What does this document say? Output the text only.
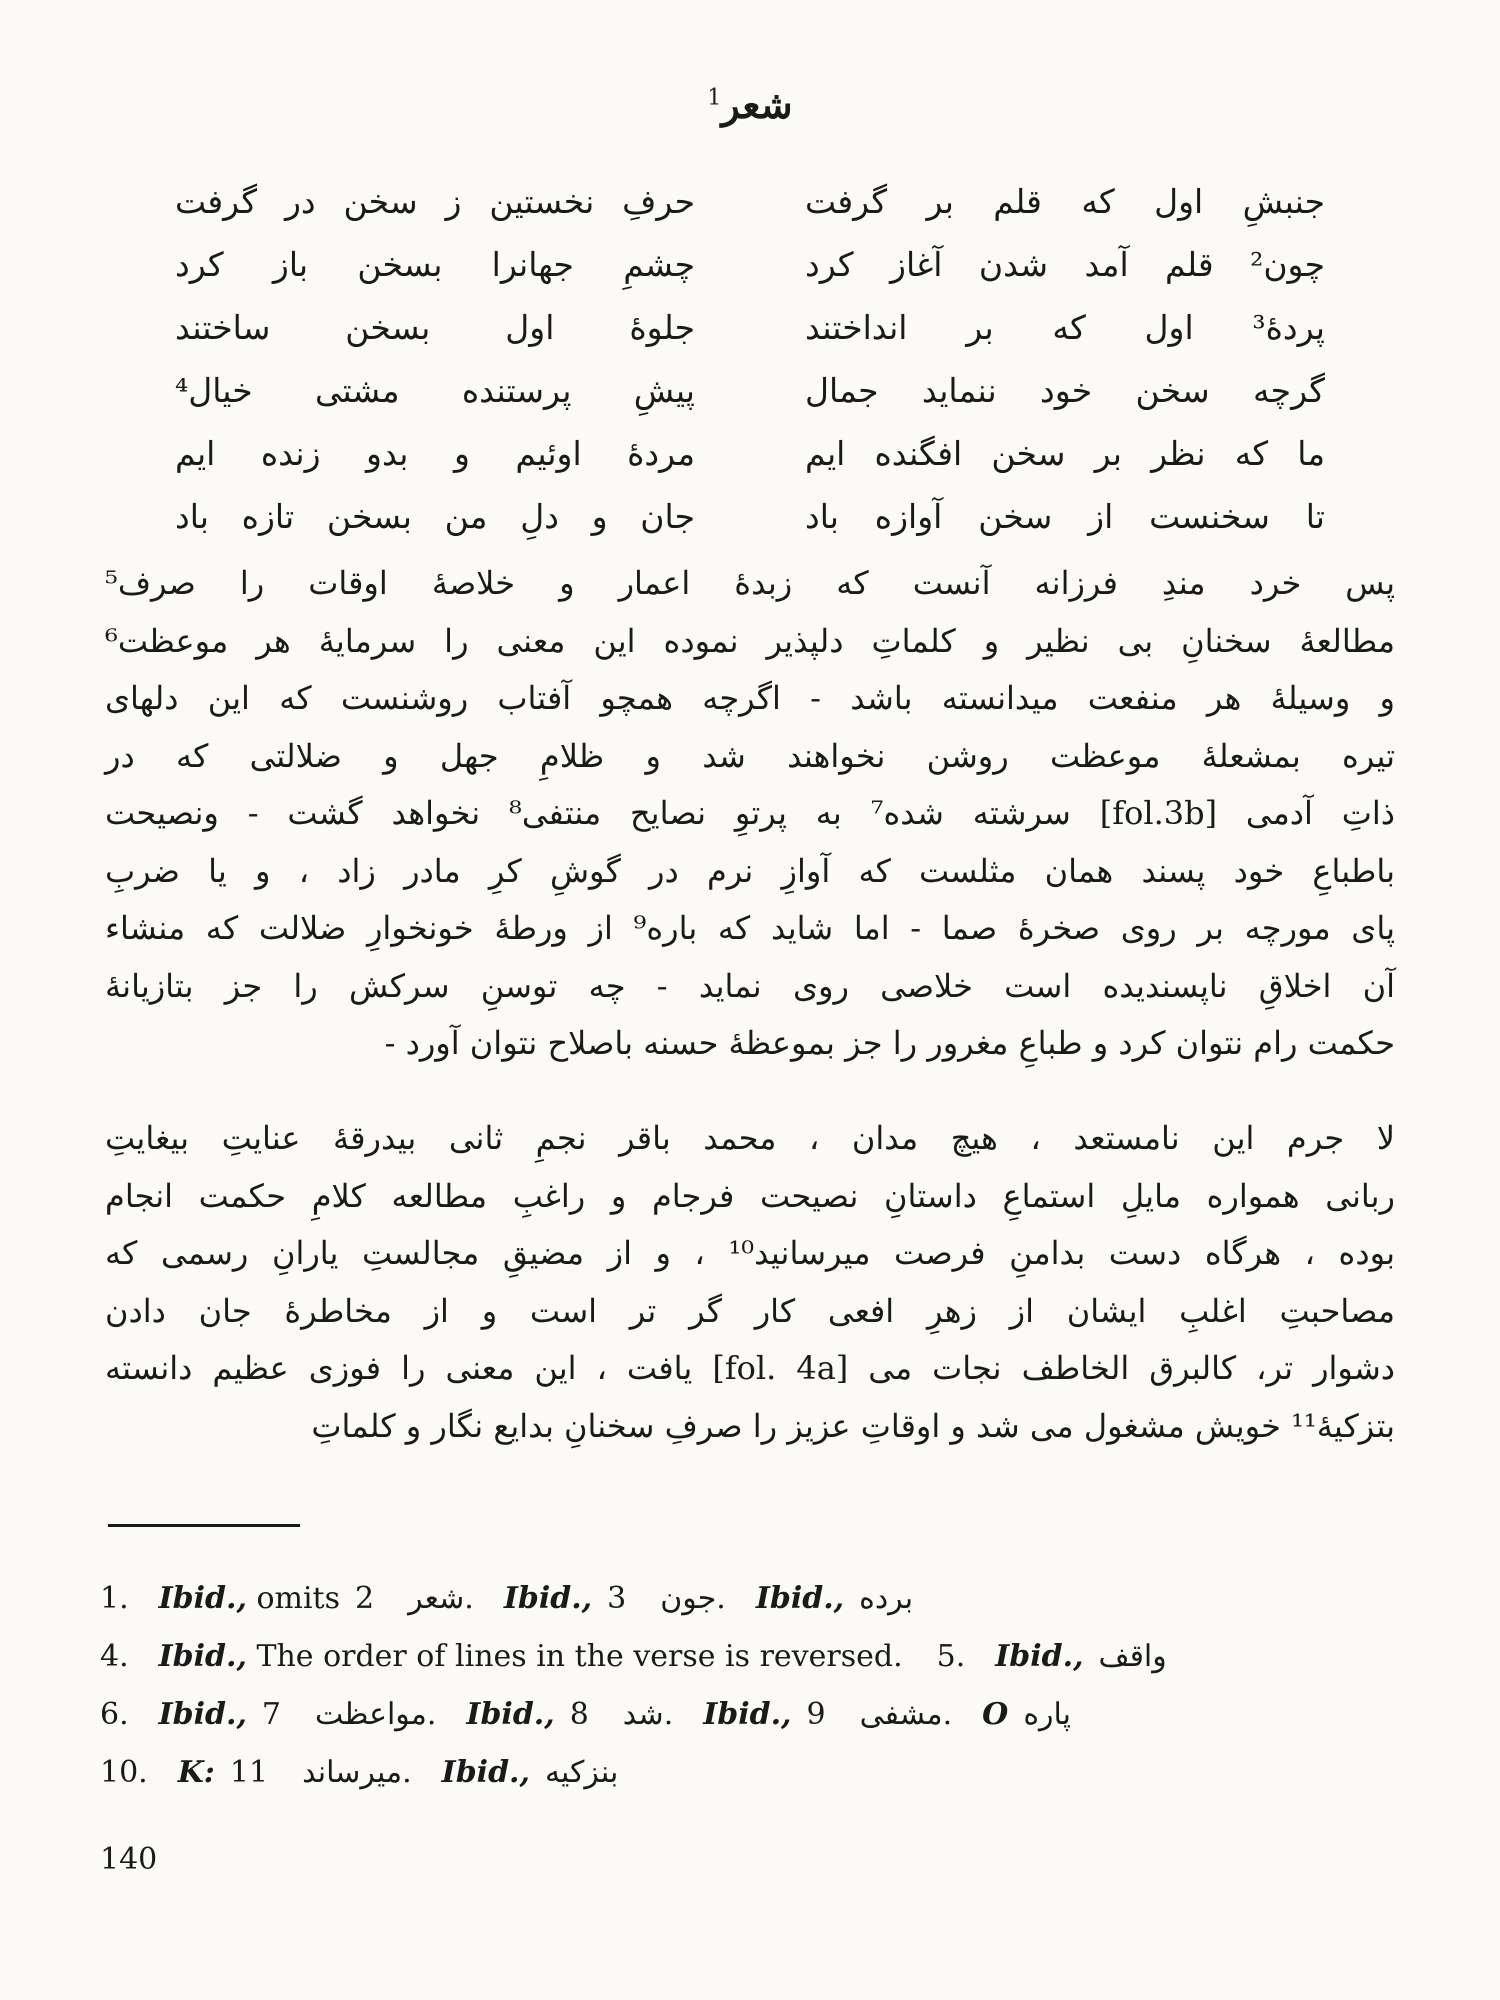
شعر$^1$
جنبشِ اول که قلم بر گرفت
حرفِ نخستین ز سخن در گرفت
چون² قلم آمد شدن آغاز کرد
چشمِ جهانرا بسخن باز کرد
پرده‌ٔ³ اول که بر انداختند
جلوهٔ اول بسخن ساختند
گرچه سخن خود ننماید جمال
پیشِ پرستنده مشتی خیال⁴
ما که نظر بر سخن افگنده ایم
مرده‌ٔ اوئیم و بدو زنده ایم
تا سخنست از سخن آوازه باد
جان و دلِ من بسخن تازه باد
پس خرد مندِ فرزانه آنست که زبدهٔ اعمار و خلاصه‌ٔ اوقات را صرف⁵
مطالعه‌ٔ سخنانِ بی نظیر و کلماتِ دلپذیر نموده این معنی را سرمایه‌ٔ هر موعظت⁶
و وسیله‌ٔ هر منفعت میدانسته باشد - اگرچه همچو آفتاب روشنست که این دلهای
تیره بمشعله‌ٔ موعظت روشن نخواهند شد و ظلامِ جهل و ضلالتی که در
ذاتِ آدمی [fol.3b] سرشته شده⁷ به پرتوِ نصایح منتفی⁸ نخواهد گشت - ونصیحت
باطباعِ خود پسند همان مثلست که آوازِ نرم در گوشِ کرِ مادر زاد ، و یا ضربِ
پای مورچه بر روی صخره‌ٔ صما - اما شاید که باره⁹ از ورطه‌ٔ خونخوارِ ضلالت که منشاء
آن اخلاقِ ناپسندیده است خلاصی روی نماید - چه توسنِ سرکش را جز بتازیانه‌ٔ
حکمت رام نتوان کرد و طباعِ مغرور را جز بموعظه‌ٔ حسنه باصلاح نتوان آورد -
لا جرم این نامستعد ، هیچ مدان ، محمد باقر نجمِ ثانی بیدرقه‌ٔ عنایتِ بیغایتِ
ربانی همواره مایلِ استماعِ داستانِ نصیحت فرجام و راغبِ مطالعه کلامِ حکمت انجام
بوده ، هرگاه دست بدامنِ فرصت میرسانید¹⁰ ، و از مضیقِ مجالستِ یارانِ رسمی که
مصاحبتِ اغلبِ ایشان از زهرِ افعی کار گر تر است و از مخاطره‌ٔ جان دادن
دشوار تر، کالبرق الخاطف نجات می [fol. 4a] یافت ، این معنی را فوزی عظیم دانسته
بتزکیه‌ٔ¹¹ خویش مشغول می شد و اوقاتِ عزیز را صرفِ سخنانِ بدایع نگار و کلماتِ
1.  Ibid., omits  شعر2.  Ibid.,  جون3.  Ibid.,  برده
4.  Ibid., The order of lines in the verse is reversed. 5.  Ibid.,  واقف
6.  Ibid.,  مواعظت7.  Ibid.,  شد8.  Ibid.,  مشفی9.  O  پاره
10.  K: 	میرساند11.  Ibid.,  بنزکیه
140
